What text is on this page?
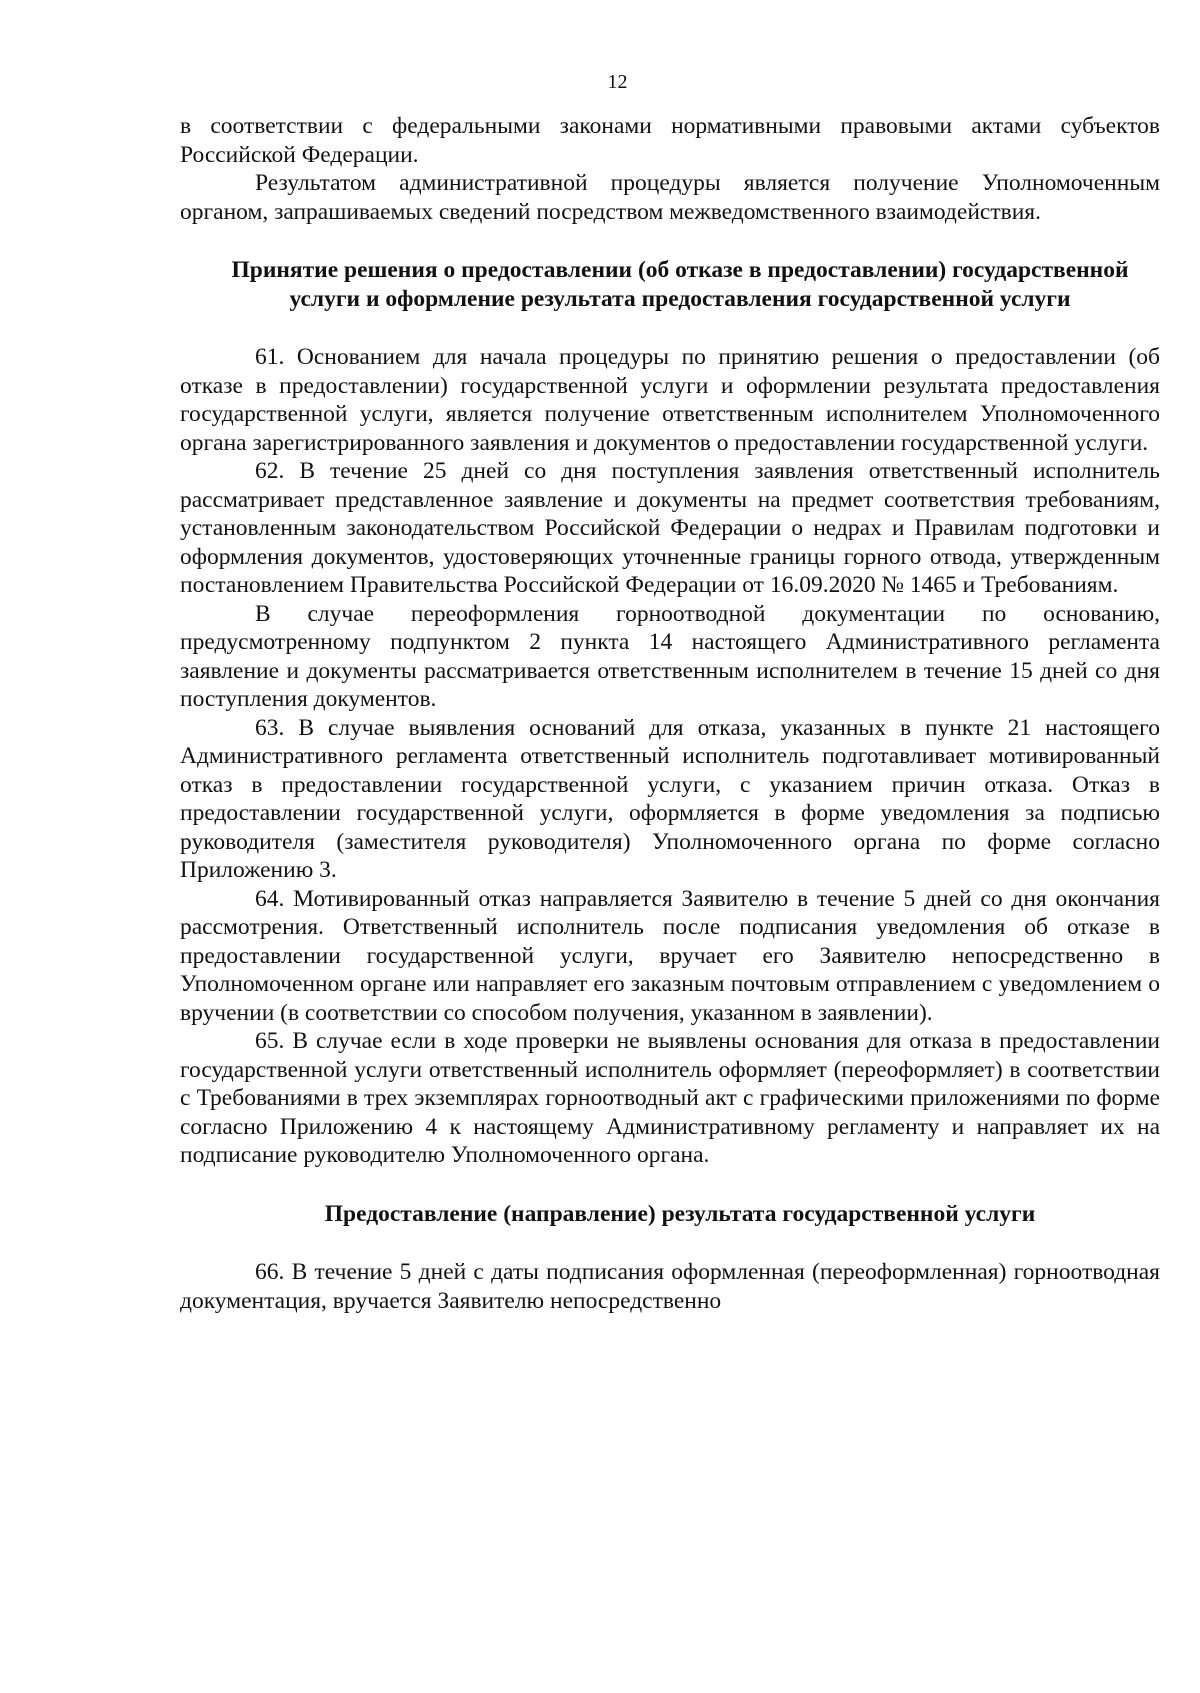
12

в соответствии с федеральными законами нормативными правовыми актами субъектов Российской Федерации.

Результатом административной процедуры является получение Уполномоченным органом, запрашиваемых сведений посредством межведомственного взаимодействия.

Принятие решения о предоставлении (об отказе в предоставлении) государственной услуги и оформление результата предоставления государственной услуги

61. Основанием для начала процедуры по принятию решения о предоставлении (об отказе в предоставлении) государственной услуги и оформлении результата предоставления государственной услуги, является получение ответственным исполнителем Уполномоченного органа зарегистрированного заявления и документов о предоставлении государственной услуги.

62. В течение 25 дней со дня поступления заявления ответственный исполнитель рассматривает представленное заявление и документы на предмет соответствия требованиям, установленным законодательством Российской Федерации о недрах и Правилам подготовки и оформления документов, удостоверяющих уточненные границы горного отвода, утвержденным постановлением Правительства Российской Федерации от 16.09.2020 № 1465 и Требованиям.

В случае переоформления горноотводной документации по основанию, предусмотренному подпунктом 2 пункта 14 настоящего Административного регламента заявление и документы рассматривается ответственным исполнителем в течение 15 дней со дня поступления документов.

63. В случае выявления оснований для отказа, указанных в пункте 21 настоящего Административного регламента ответственный исполнитель подготавливает мотивированный отказ в предоставлении государственной услуги, с указанием причин отказа. Отказ в предоставлении государственной услуги, оформляется в форме уведомления за подписью руководителя (заместителя руководителя) Уполномоченного органа по форме согласно Приложению 3.

64. Мотивированный отказ направляется Заявителю в течение 5 дней со дня окончания рассмотрения. Ответственный исполнитель после подписания уведомления об отказе в предоставлении государственной услуги, вручает его Заявителю непосредственно в Уполномоченном органе или направляет его заказным почтовым отправлением с уведомлением о вручении (в соответствии со способом получения, указанном в заявлении).

65. В случае если в ходе проверки не выявлены основания для отказа в предоставлении государственной услуги ответственный исполнитель оформляет (переоформляет) в соответствии с Требованиями в трех экземплярах горноотводный акт с графическими приложениями по форме согласно Приложению 4 к настоящему Административному регламенту и направляет их на подписание руководителю Уполномоченного органа.

Предоставление (направление) результата государственной услуги

66. В течение 5 дней с даты подписания оформленная (переоформленная) горноотводная документация, вручается Заявителю непосредственно
